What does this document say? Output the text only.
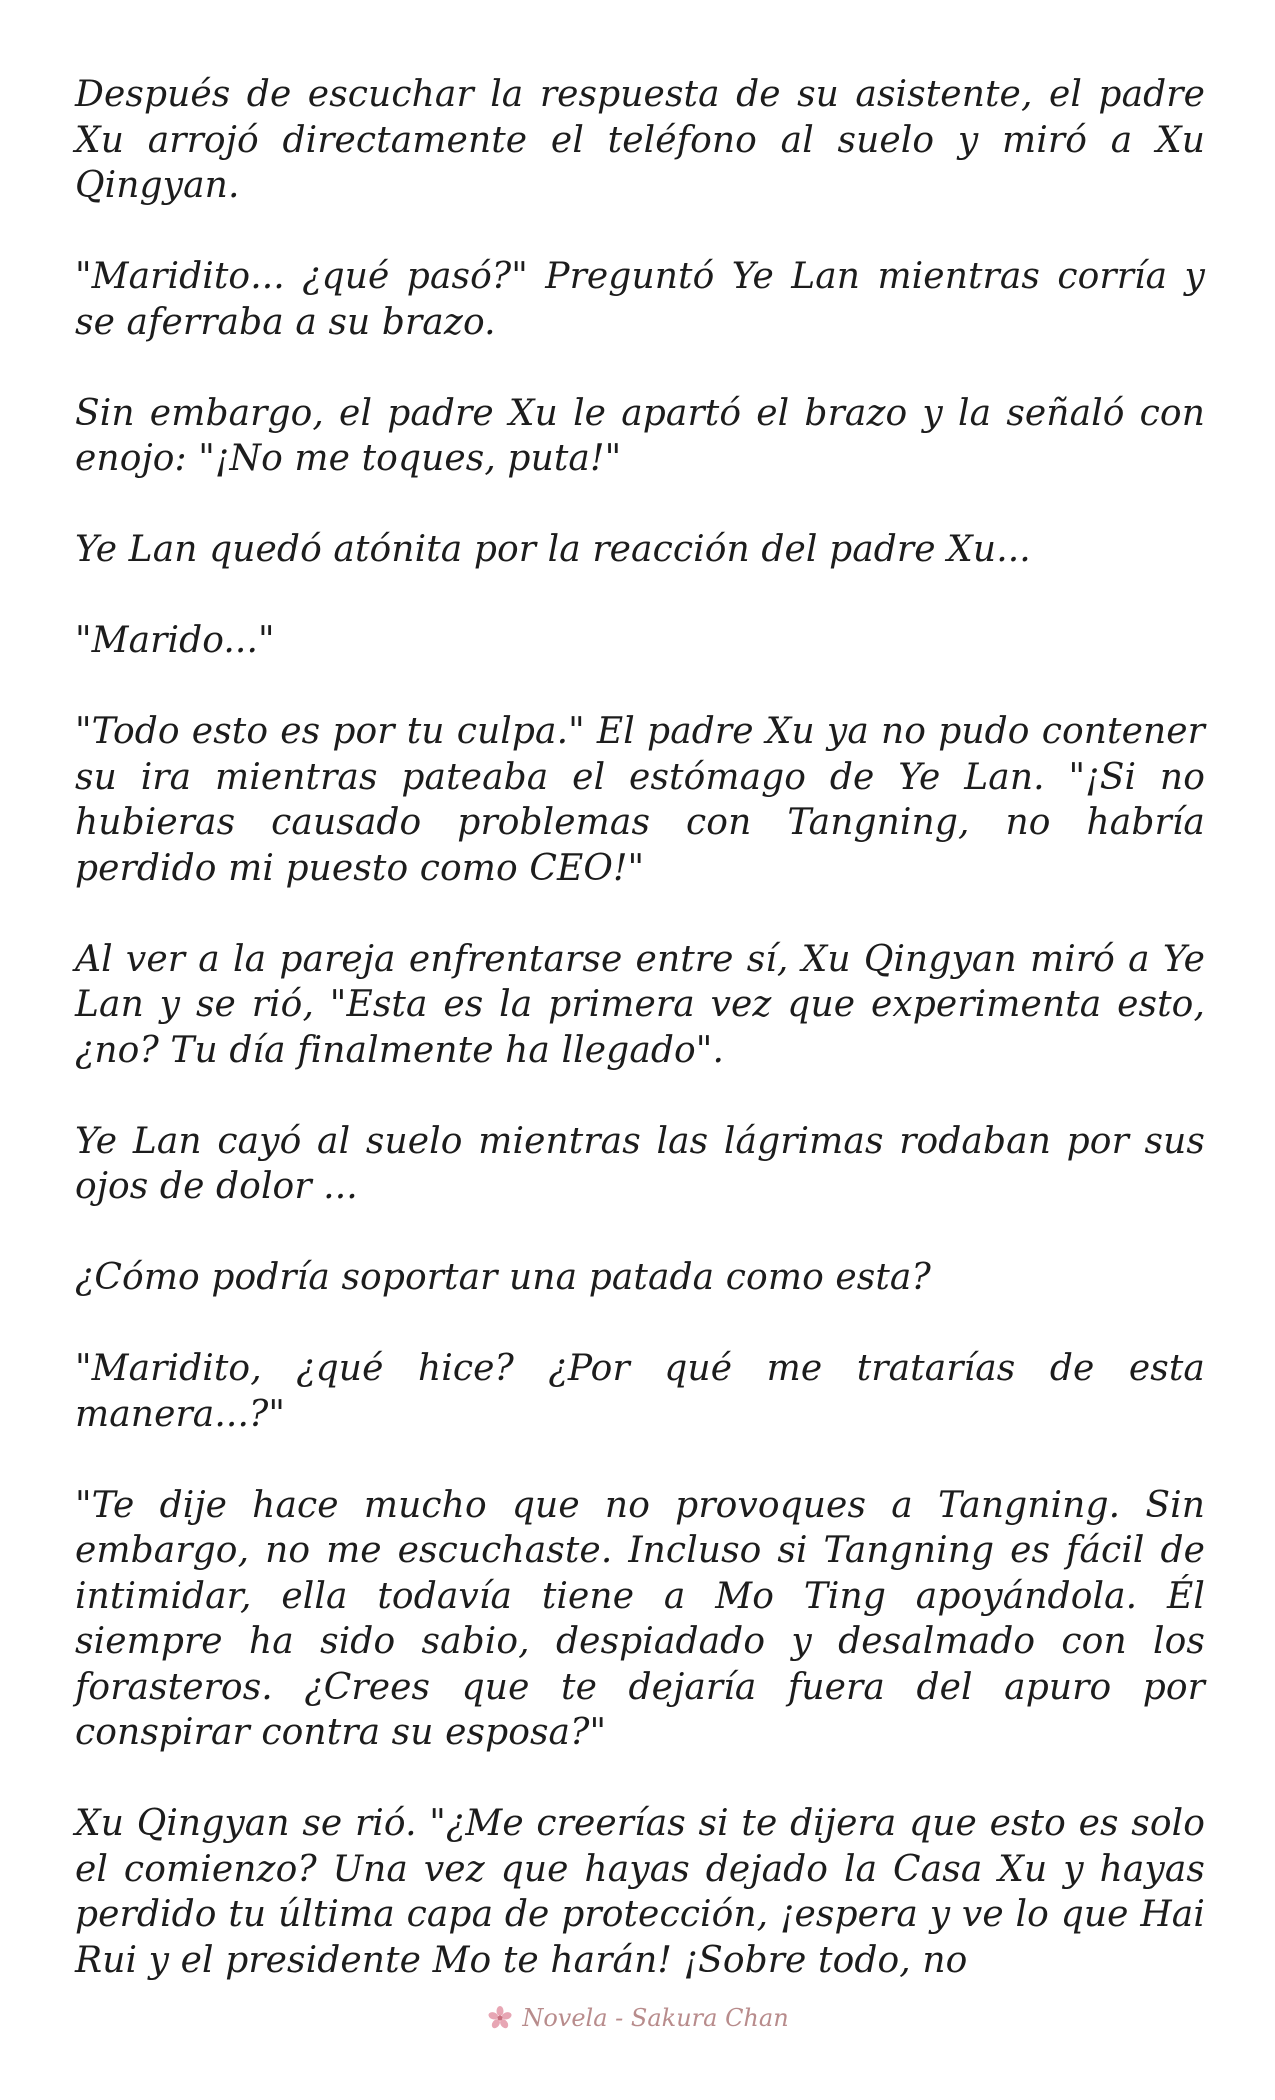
Después de escuchar la respuesta de su asistente, el padre Xu arrojó directamente el teléfono al suelo y miró a Xu Qingyan.

"Mariditо... ¿qué pasó?" Preguntó Ye Lan mientras corría y se aferraba a su brazo.

Sin embargo, el padre Xu le apartó el brazo y la señaló con enojo: "¡No me toques, puta!"

Ye Lan quedó atónita por la reacción del padre Xu...

"Marido..."

"Todo esto es por tu culpa." El padre Xu ya no pudo contener su ira mientras pateaba el estómago de Ye Lan. "¡Si no hubieras causado problemas con Tangning, no habría perdido mi puesto como CEO!"

Al ver a la pareja enfrentarse entre sí, Xu Qingyan miró a Ye Lan y se rió, "Esta es la primera vez que experimenta esto, ¿no? Tu día finalmente ha llegado".

Ye Lan cayó al suelo mientras las lágrimas rodaban por sus ojos de dolor ...

¿Cómo podría soportar una patada como esta?

"Mariditо, ¿qué hice? ¿Por qué me tratarías de esta manera...?"

"Te dije hace mucho que no provoques a Tangning. Sin embargo, no me escuchaste. Incluso si Tangning es fácil de intimidar, ella todavía tiene a Mo Ting apoyándola. Él siempre ha sido sabio, despiadado y desalmado con los forasteros. ¿Crees que te dejaría fuera del apuro por conspirar contra su esposa?"

Xu Qingyan se rió. "¿Me creerías si te dijera que esto es solo el comienzo? Una vez que hayas dejado la Casa Xu y hayas perdido tu última capa de protección, ¡espera y ve lo que Hai Rui y el presidente Mo te harán! ¡Sobre todo, no

Novela - Sakura Chan
